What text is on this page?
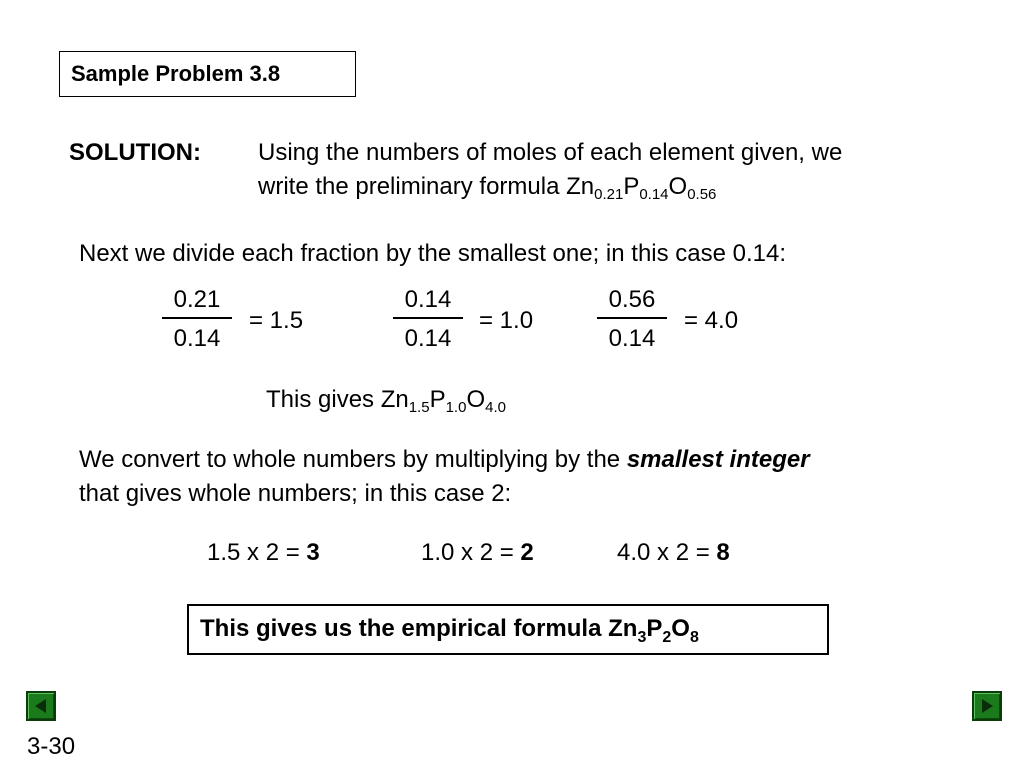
Sample Problem 3.8
SOLUTION: Using the numbers of moles of each element given, we
write the preliminary formula $Zn_{0.21}P_{0.14}O_{0.56}$
Next we divide each fraction by the smallest one; in this case 0.14:
0.21
0.14
= 1.5
0.14
0.14
= 1.0
0.56
0.14
= 4.0
This gives $Zn_{1.5}P_{1.0}O_{4.0}$
We convert to whole numbers by multiplying by the smallest integer
that gives whole numbers; in this case 2:
1.5 x 2 = 3	1.0 x 2 = 2	4.0 x 2 = 8
This gives us the empirical formula $Zn_3P_2O_8$
3-30
